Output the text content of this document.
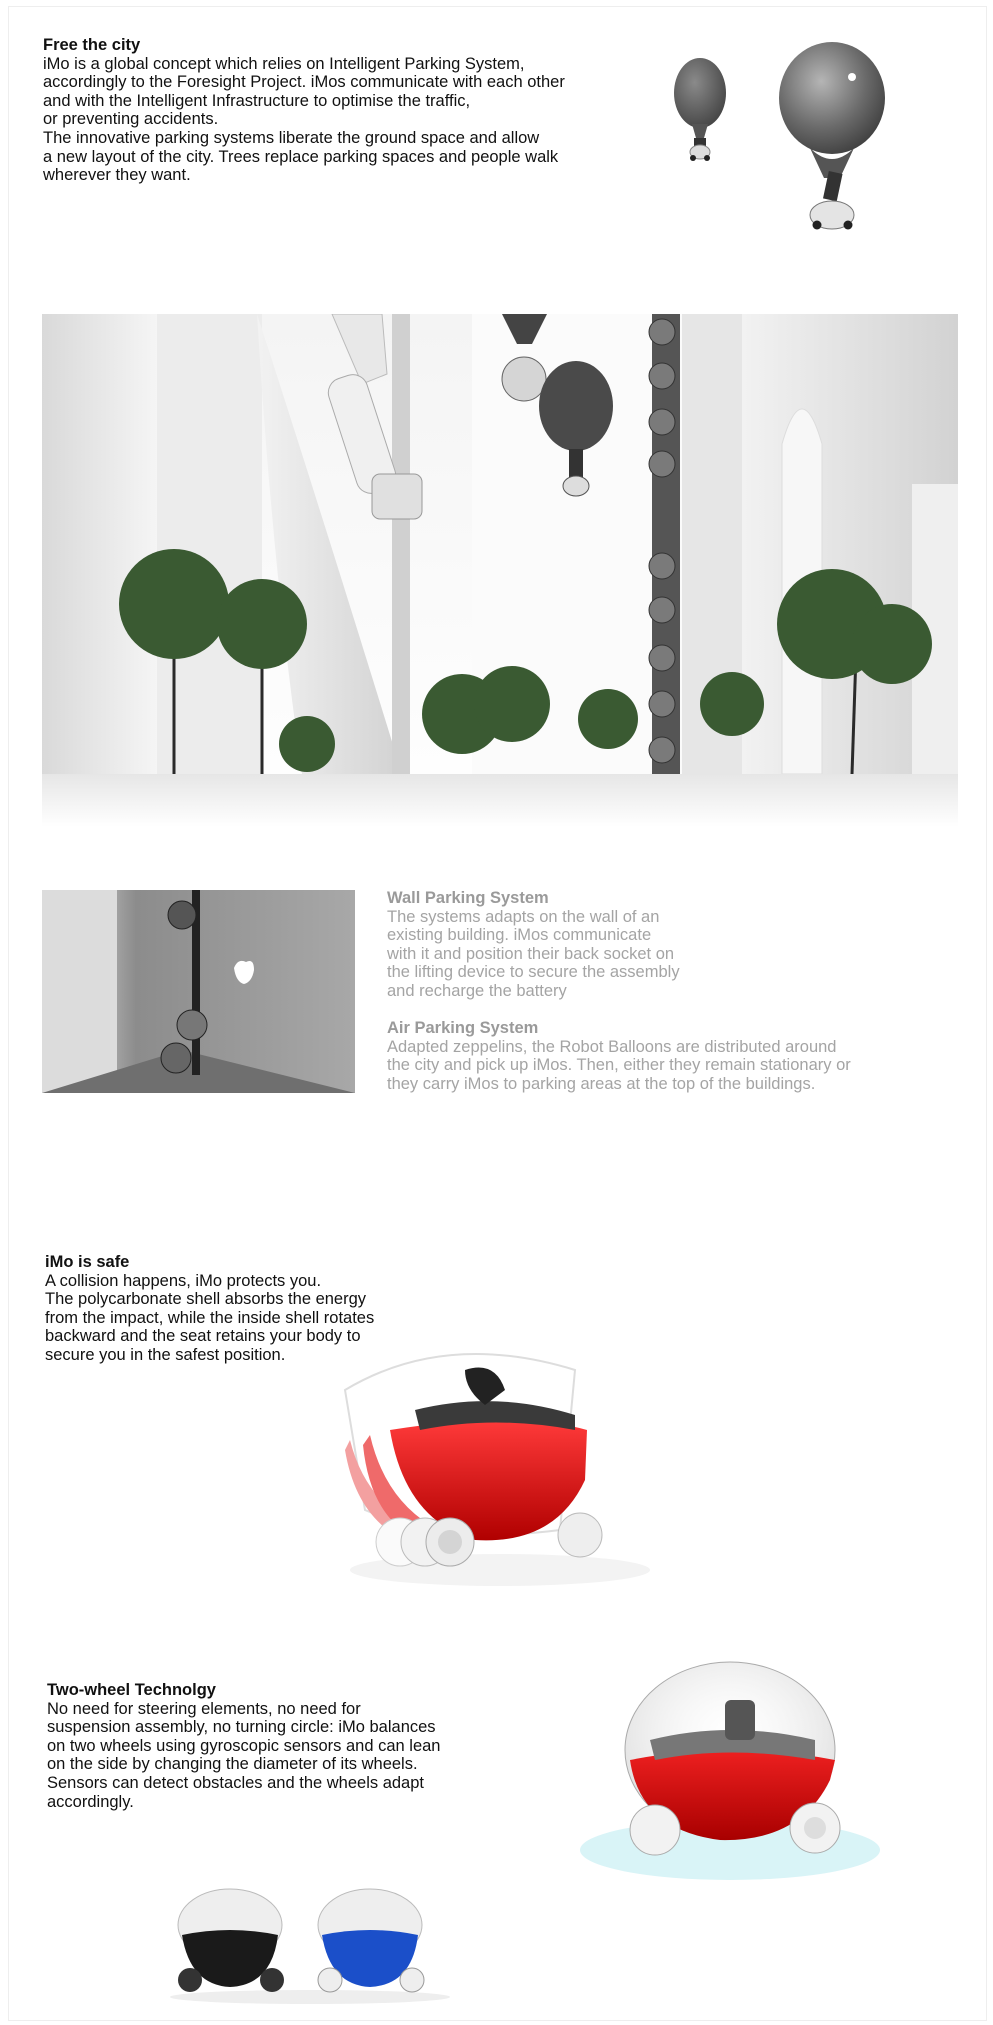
Free the city

iMo is a global concept which relies on Intelligent Parking System,
accordingly to the Foresight Project. iMos communicate with each other
and with the Intelligent Infrastructure to optimise the traffic,
or preventing accidents.
The innovative parking systems liberate the ground space and allow
a new layout of the city. Trees replace parking spaces and people walk
wherever they want.

Wall Parking System

The systems adapts on the wall of an
existing building. iMos communicate
with it and position their back socket on
the lifting device to secure the assembly
and recharge the battery

Air Parking System

Adapted zeppelins, the Robot Balloons are distributed around
the city and pick up iMos. Then, either they remain stationary or
they carry iMos to parking areas at the top of the buildings.

iMo is safe

A collision happens, iMo protects you.
The polycarbonate shell absorbs the energy
from the impact, while the inside shell rotates
backward and the seat retains your body to
secure you in the safest position.

Two-wheel Technolgy

No need for steering elements, no need for
suspension assembly, no turning circle: iMo balances
on two wheels using gyroscopic sensors and can lean
on the side by changing the diameter of its wheels.
Sensors can detect obstacles and the wheels adapt
accordingly.
